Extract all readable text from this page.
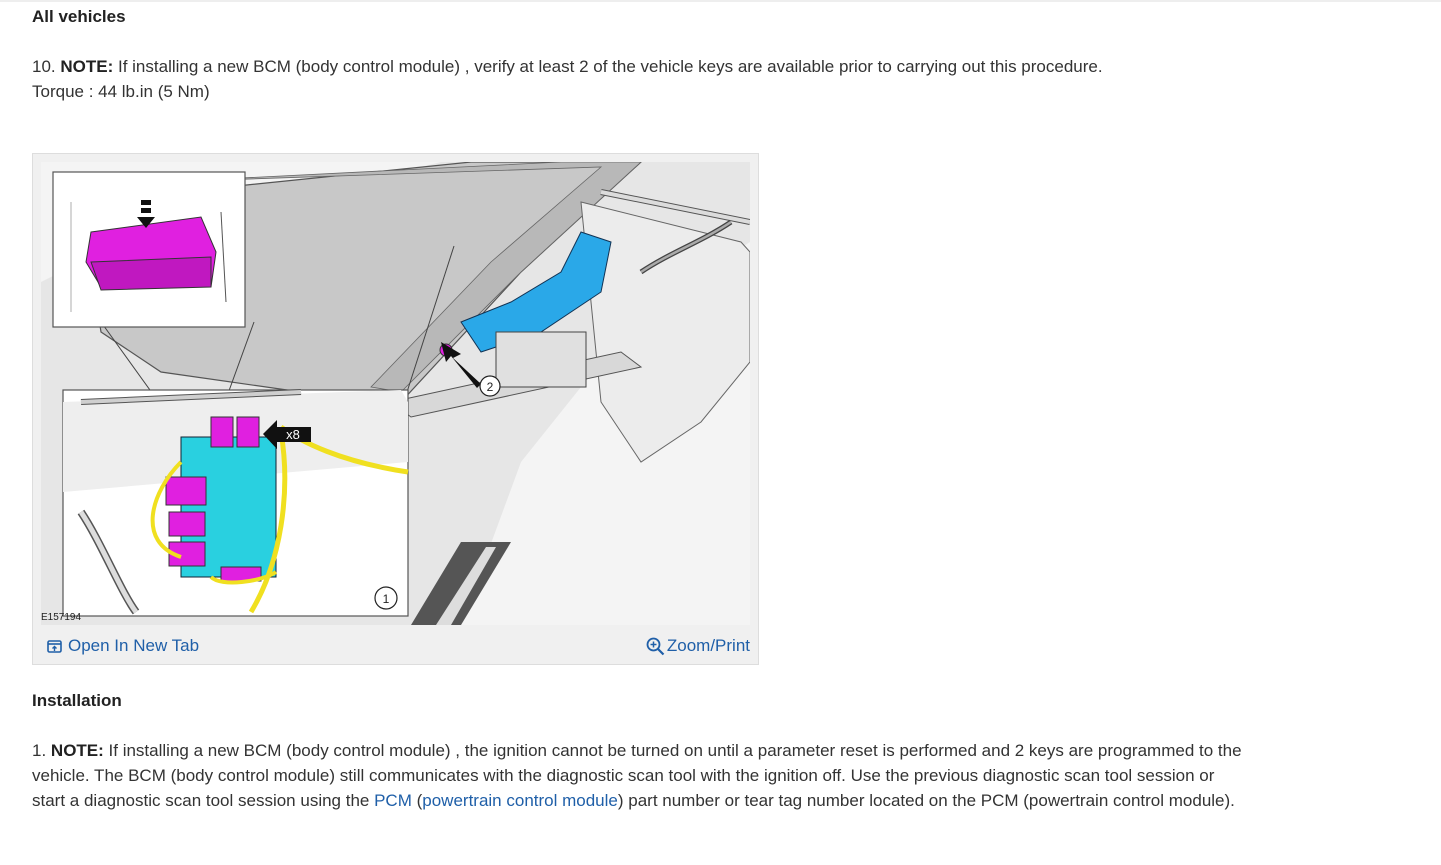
All vehicles

10. NOTE: If installing a new BCM (body control module) , verify at least 2 of the vehicle keys are available prior to carrying out this procedure.
Torque : 44 lb.in (5 Nm)

2
x8
1
E157194
Open In New Tab	Zoom/Print
Installation

1. NOTE: If installing a new BCM (body control module) , the ignition cannot be turned on until a parameter reset is performed and 2 keys are programmed to the vehicle. The BCM (body control module) still communicates with the diagnostic scan tool with the ignition off. Use the previous diagnostic scan tool session or start a diagnostic scan tool session using the PCM (powertrain control module) part number or tear tag number located on the PCM (powertrain control module).
